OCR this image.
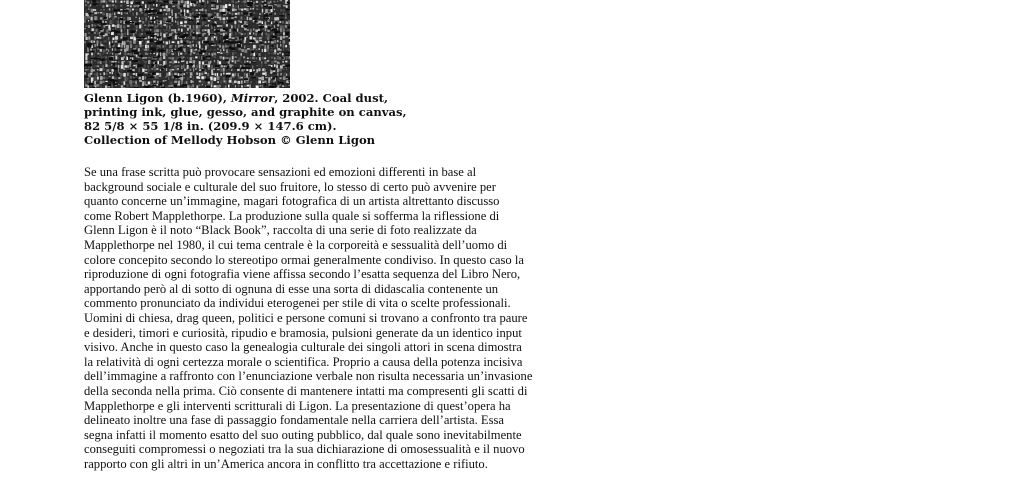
Glenn Ligon (b.1960), Mirror, 2002. Coal dust,
printing ink, glue, gesso, and graphite on canvas,
82 5/8 × 55 1/8 in. (209.9 × 147.6 cm).
Collection of Mellody Hobson © Glenn Ligon

Se una frase scritta può provocare sensazioni ed emozioni differenti in base al
background sociale e culturale del suo fruitore, lo stesso di certo può avvenire per
quanto concerne un’immagine, magari fotografica di un artista altrettanto discusso
come Robert Mapplethorpe. La produzione sulla quale si sofferma la riflessione di
Glenn Ligon è il noto “Black Book”, raccolta di una serie di foto realizzate da
Mapplethorpe nel 1980, il cui tema centrale è la corporeità e sessualità dell’uomo di
colore concepito secondo lo stereotipo ormai generalmente condiviso. In questo caso la
riproduzione di ogni fotografia viene affissa secondo l’esatta sequenza del Libro Nero,
apportando però al di sotto di ognuna di esse una sorta di didascalia contenente un
commento pronunciato da individui eterogenei per stile di vita o scelte professionali.
Uomini di chiesa, drag queen, politici e persone comuni si trovano a confronto tra paure
e desideri, timori e curiosità, ripudio e bramosia, pulsioni generate da un identico input
visivo. Anche in questo caso la genealogia culturale dei singoli attori in scena dimostra
la relatività di ogni certezza morale o scientifica. Proprio a causa della potenza incisiva
dell’immagine a raffronto con l’enunciazione verbale non risulta necessaria un’invasione
della seconda nella prima. Ciò consente di mantenere intatti ma compresenti gli scatti di
Mapplethorpe e gli interventi scritturali di Ligon. La presentazione di quest’opera ha
delineato inoltre una fase di passaggio fondamentale nella carriera dell’artista. Essa
segna infatti il momento esatto del suo outing pubblico, dal quale sono inevitabilmente
conseguiti compromessi o negoziati tra la sua dichiarazione di omosessualità e il nuovo
rapporto con gli altri in un’America ancora in conflitto tra accettazione e rifiuto.
